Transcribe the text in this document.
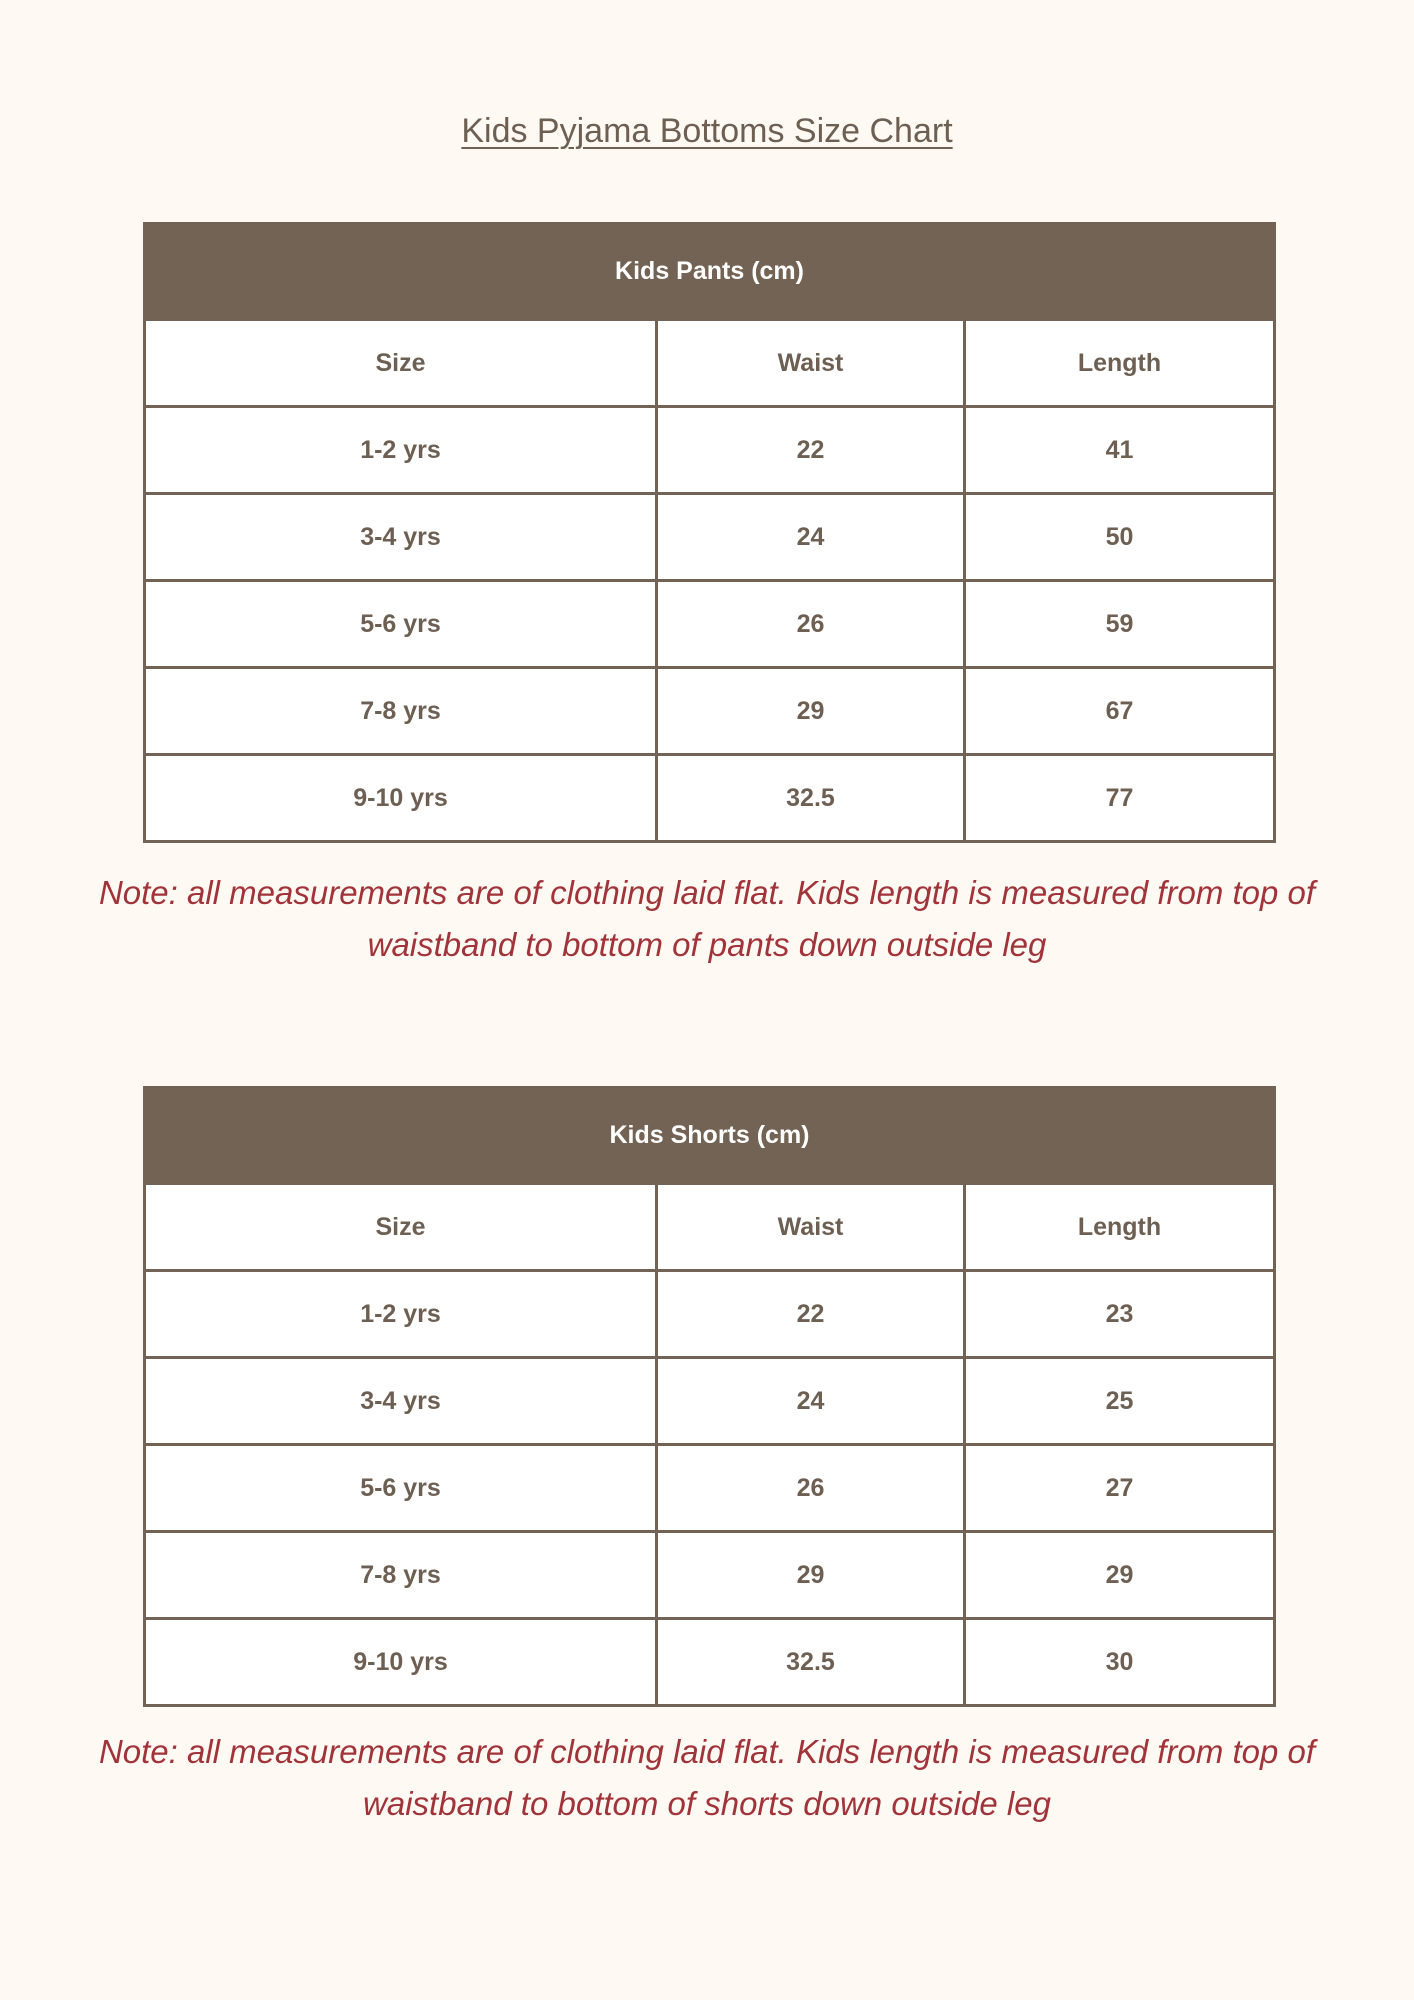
Kids Pyjama Bottoms Size Chart
Kids Pants (cm)		
Size	Waist	Length
1-2 yrs	22	41
3-4 yrs	24	50
5-6 yrs	26	59
7-8 yrs	29	67
9-10 yrs	32.5	77

Note: all measurements are of clothing laid flat. Kids length is measured from top of waistband to bottom of pants down outside leg

Kids Shorts (cm)		
Size	Waist	Length
1-2 yrs	22	23
3-4 yrs	24	25
5-6 yrs	26	27
7-8 yrs	29	29
9-10 yrs	32.5	30

Note: all measurements are of clothing laid flat. Kids length is measured from top of waistband to bottom of shorts down outside leg
